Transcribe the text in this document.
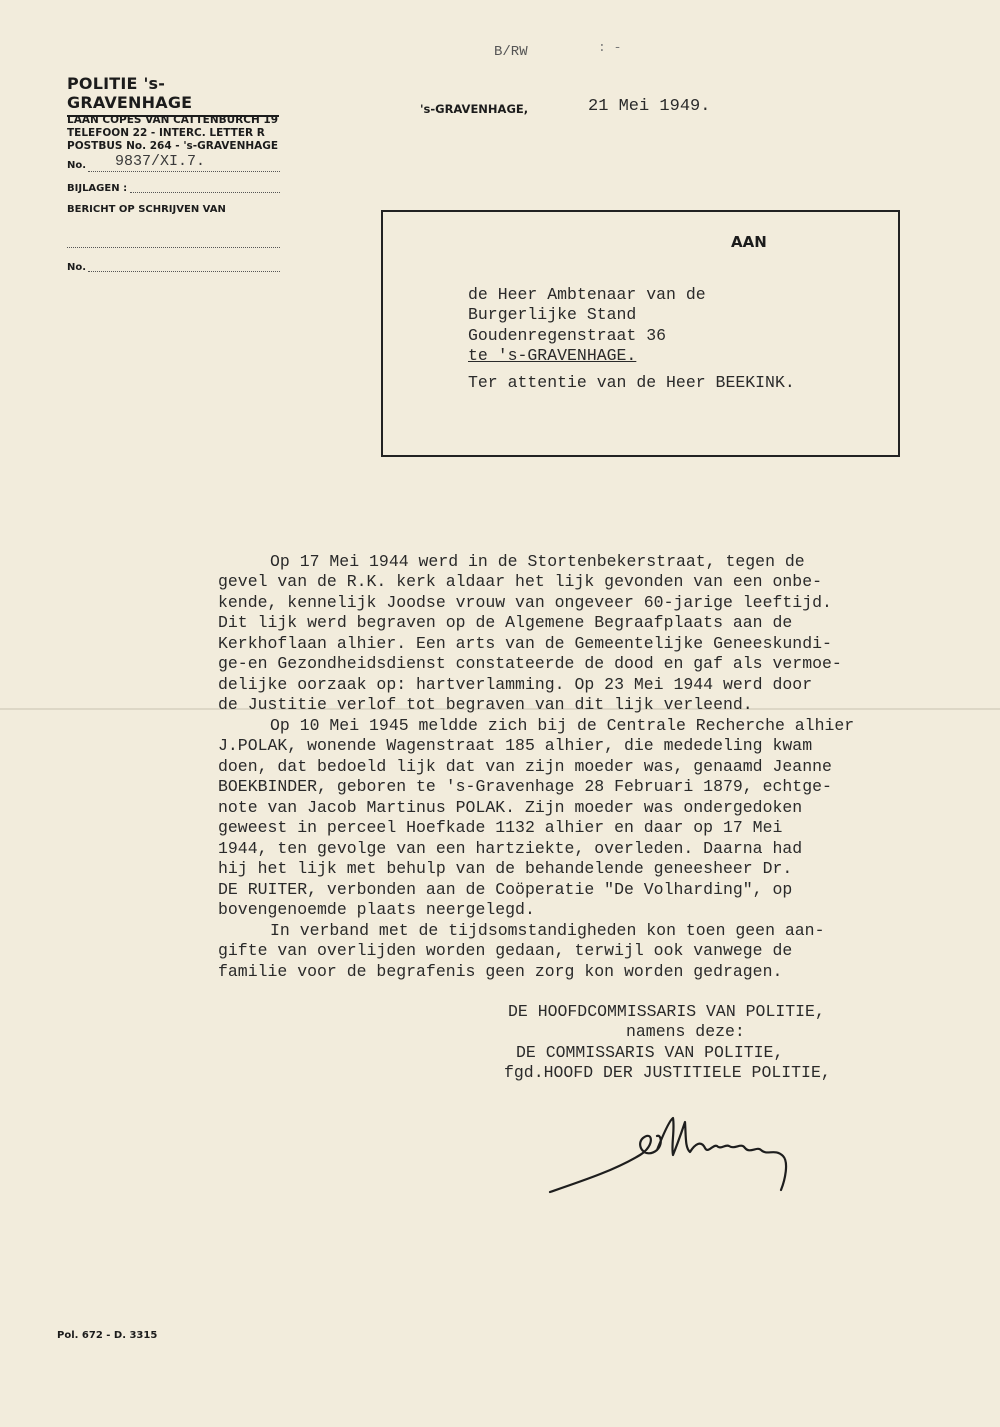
POLITIE 's-GRAVENHAGE
LAAN COPES VAN CATTENBURCH 19
TELEFOON 22 - INTERC. LETTER R
POSTBUS No. 264 - 's-GRAVENHAGE
No. 9837/XI.7.
BIJLAGEN :
BERICHT OP SCHRIJVEN VAN
No.
B/RW	: -
's-GRAVENHAGE,	21 Mei 1949.
AAN
de Heer Ambtenaar van de
Burgerlijke Stand
Goudenregenstraat 36
te 's-GRAVENHAGE.
Ter attentie van de Heer BEEKINK.
Op 17 Mei 1944 werd in de Stortenbekerstraat, tegen de
gevel van de R.K. kerk aldaar het lijk gevonden van een onbe-
kende, kennelijk Joodse vrouw van ongeveer 60-jarige leeftijd.
Dit lijk werd begraven op de Algemene Begraafplaats aan de
Kerkhoflaan alhier. Een arts van de Gemeentelijke Geneeskundi-
ge-en Gezondheidsdienst constateerde de dood en gaf als vermoe-
delijke oorzaak op: hartverlamming. Op 23 Mei 1944 werd door
de Justitie verlof tot begraven van dit lijk verleend.
Op 10 Mei 1945 meldde zich bij de Centrale Recherche alhier
J.POLAK, wonende Wagenstraat 185 alhier, die mededeling kwam
doen, dat bedoeld lijk dat van zijn moeder was, genaamd Jeanne
BOEKBINDER, geboren te 's-Gravenhage 28 Februari 1879, echtge-
note van Jacob Martinus POLAK. Zijn moeder was ondergedoken
geweest in perceel Hoefkade 1132 alhier en daar op 17 Mei
1944, ten gevolge van een hartziekte, overleden. Daarna had
hij het lijk met behulp van de behandelende geneesheer Dr.
DE RUITER, verbonden aan de Coöperatie "De Volharding", op
bovengenoemde plaats neergelegd.
In verband met de tijdsomstandigheden kon toen geen aan-
gifte van overlijden worden gedaan, terwijl ook vanwege de
familie voor de begrafenis geen zorg kon worden gedragen.
DE HOOFDCOMMISSARIS VAN POLITIE,
namens deze:
DE COMMISSARIS VAN POLITIE,
fgd.HOOFD DER JUSTITIELE POLITIE,
Pol. 672 - D. 3315
